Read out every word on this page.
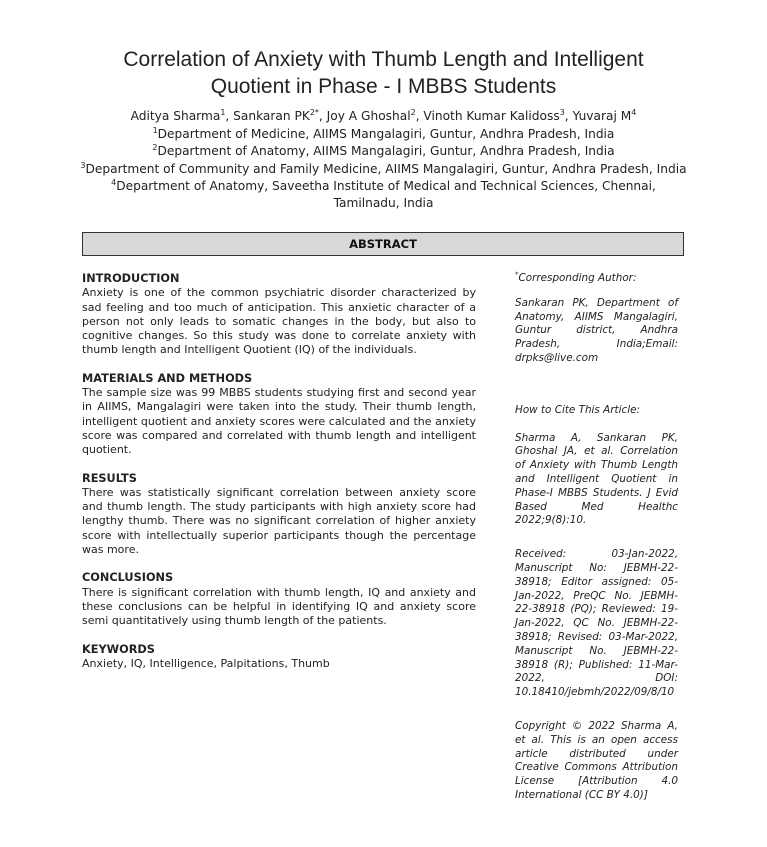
Correlation of Anxiety with Thumb Length and Intelligent
Quotient in Phase - I MBBS Students
Aditya Sharma$^1$, Sankaran $PK^{2*}$, Joy A Ghoshal$^2$, Vinoth Kumar Kalidoss$^3$, Yuvaraj $M^4$
$^1$Department of Medicine, AIIMS Mangalagiri, Guntur, Andhra Pradesh, India
$^2$Department of Anatomy, AIIMS Mangalagiri, Guntur, Andhra Pradesh, India
$^3$Department of Community and Family Medicine, AIIMS Mangalagiri, Guntur, Andhra Pradesh, India
$^4$Department of Anatomy, Saveetha Institute of Medical and Technical Sciences, Chennai, Tamilnadu, India
ABSTRACT

INTRODUCTION

Anxiety is one of the common psychiatric disorder characterized by sad feeling and too much of anticipation. This anxietic character of a person not only leads to somatic changes in the body, but also to cognitive changes. So this study was done to correlate anxiety with thumb length and Intelligent Quotient (IQ) of the individuals.

MATERIALS AND METHODS

The sample size was 99 MBBS students studying first and second year in AIIMS, Mangalagiri were taken into the study. Their thumb length, intelligent quotient and anxiety scores were calculated and the anxiety score was compared and correlated with thumb length and intelligent quotient.

RESULTS

There was statistically significant correlation between anxiety score and thumb length. The study participants with high anxiety score had lengthy thumb. There was no significant correlation of higher anxiety score with intellectually superior participants though the percentage was more.

CONCLUSIONS

There is significant correlation with thumb length, IQ and anxiety and these conclusions can be helpful in identifying IQ and anxiety score semi quantitatively using thumb length of the patients.

KEYWORDS

Anxiety, IQ, Intelligence, Palpitations, Thumb

*Corresponding Author:

Sankaran PK, Department of Anatomy, AIIMS Mangalagiri, Guntur district, Andhra Pradesh, India;Email: drpks@live.com

How to Cite This Article:

Sharma A, Sankaran PK, Ghoshal JA, et al. Correlation of Anxiety with Thumb Length and Intelligent Quotient in Phase-I MBBS Students. J Evid Based Med Healthc 2022;9(8):10.

Received: 03-Jan-2022, Manuscript No: JEBMH-22-38918; Editor assigned: 05-Jan-2022, PreQC No. JEBMH-22-38918 (PQ); Reviewed: 19-Jan-2022, QC No. JEBMH-22-38918; Revised: 03-Mar-2022, Manuscript No. JEBMH-22-38918 (R); Published: 11-Mar-2022, DOI: 10.18410/jebmh/2022/09/8/10

Copyright © 2022 Sharma A, et al. This is an open access article distributed under Creative Commons Attribution License [Attribution 4.0 International (CC BY 4.0)]
